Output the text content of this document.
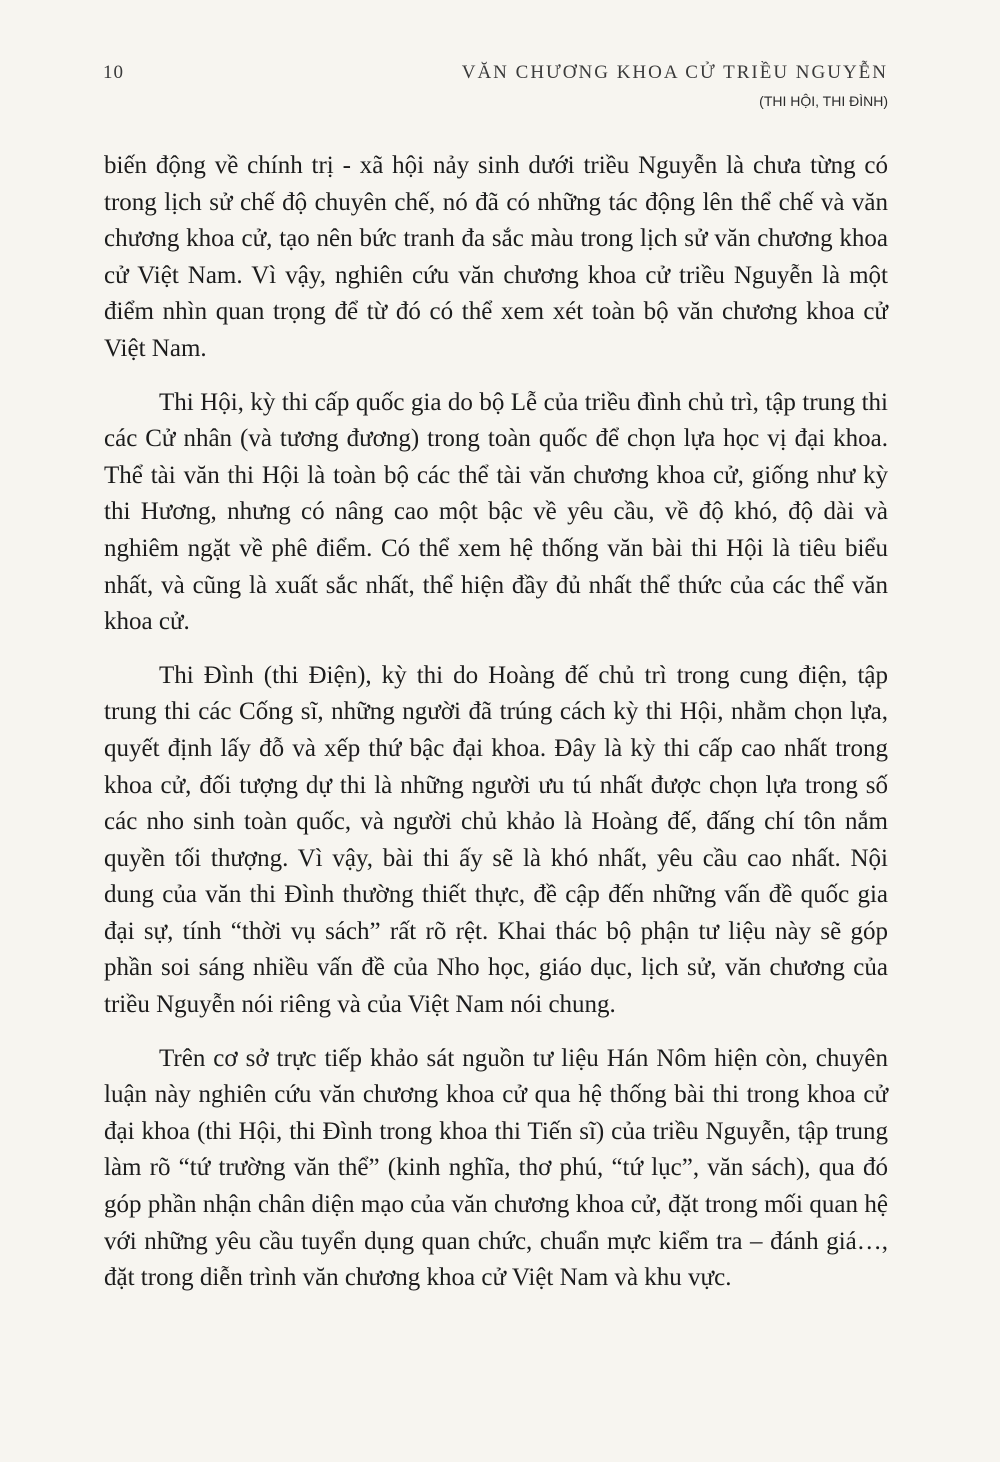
10	VĂN CHƯƠNG KHOA CỬ TRIỀU NGUYỄN
(THI HỘI, THI ĐÌNH)

biến động về chính trị - xã hội nảy sinh dưới triều Nguyễn là chưa từng có trong lịch sử chế độ chuyên chế, nó đã có những tác động lên thể chế và văn chương khoa cử, tạo nên bức tranh đa sắc màu trong lịch sử văn chương khoa cử Việt Nam. Vì vậy, nghiên cứu văn chương khoa cử triều Nguyễn là một điểm nhìn quan trọng để từ đó có thể xem xét toàn bộ văn chương khoa cử Việt Nam.

Thi Hội, kỳ thi cấp quốc gia do bộ Lễ của triều đình chủ trì, tập trung thi các Cử nhân (và tương đương) trong toàn quốc để chọn lựa học vị đại khoa. Thể tài văn thi Hội là toàn bộ các thể tài văn chương khoa cử, giống như kỳ thi Hương, nhưng có nâng cao một bậc về yêu cầu, về độ khó, độ dài và nghiêm ngặt về phê điểm. Có thể xem hệ thống văn bài thi Hội là tiêu biểu nhất, và cũng là xuất sắc nhất, thể hiện đầy đủ nhất thể thức của các thể văn khoa cử.

Thi Đình (thi Điện), kỳ thi do Hoàng đế chủ trì trong cung điện, tập trung thi các Cống sĩ, những người đã trúng cách kỳ thi Hội, nhằm chọn lựa, quyết định lấy đỗ và xếp thứ bậc đại khoa. Đây là kỳ thi cấp cao nhất trong khoa cử, đối tượng dự thi là những người ưu tú nhất được chọn lựa trong số các nho sinh toàn quốc, và người chủ khảo là Hoàng đế, đấng chí tôn nắm quyền tối thượng. Vì vậy, bài thi ấy sẽ là khó nhất, yêu cầu cao nhất. Nội dung của văn thi Đình thường thiết thực, đề cập đến những vấn đề quốc gia đại sự, tính “thời vụ sách” rất rõ rệt. Khai thác bộ phận tư liệu này sẽ góp phần soi sáng nhiều vấn đề của Nho học, giáo dục, lịch sử, văn chương của triều Nguyễn nói riêng và của Việt Nam nói chung.

Trên cơ sở trực tiếp khảo sát nguồn tư liệu Hán Nôm hiện còn, chuyên luận này nghiên cứu văn chương khoa cử qua hệ thống bài thi trong khoa cử đại khoa (thi Hội, thi Đình trong khoa thi Tiến sĩ) của triều Nguyễn, tập trung làm rõ “tứ trường văn thể” (kinh nghĩa, thơ phú, “tứ lục”, văn sách), qua đó góp phần nhận chân diện mạo của văn chương khoa cử, đặt trong mối quan hệ với những yêu cầu tuyển dụng quan chức, chuẩn mực kiểm tra – đánh giá…, đặt trong diễn trình văn chương khoa cử Việt Nam và khu vực.
